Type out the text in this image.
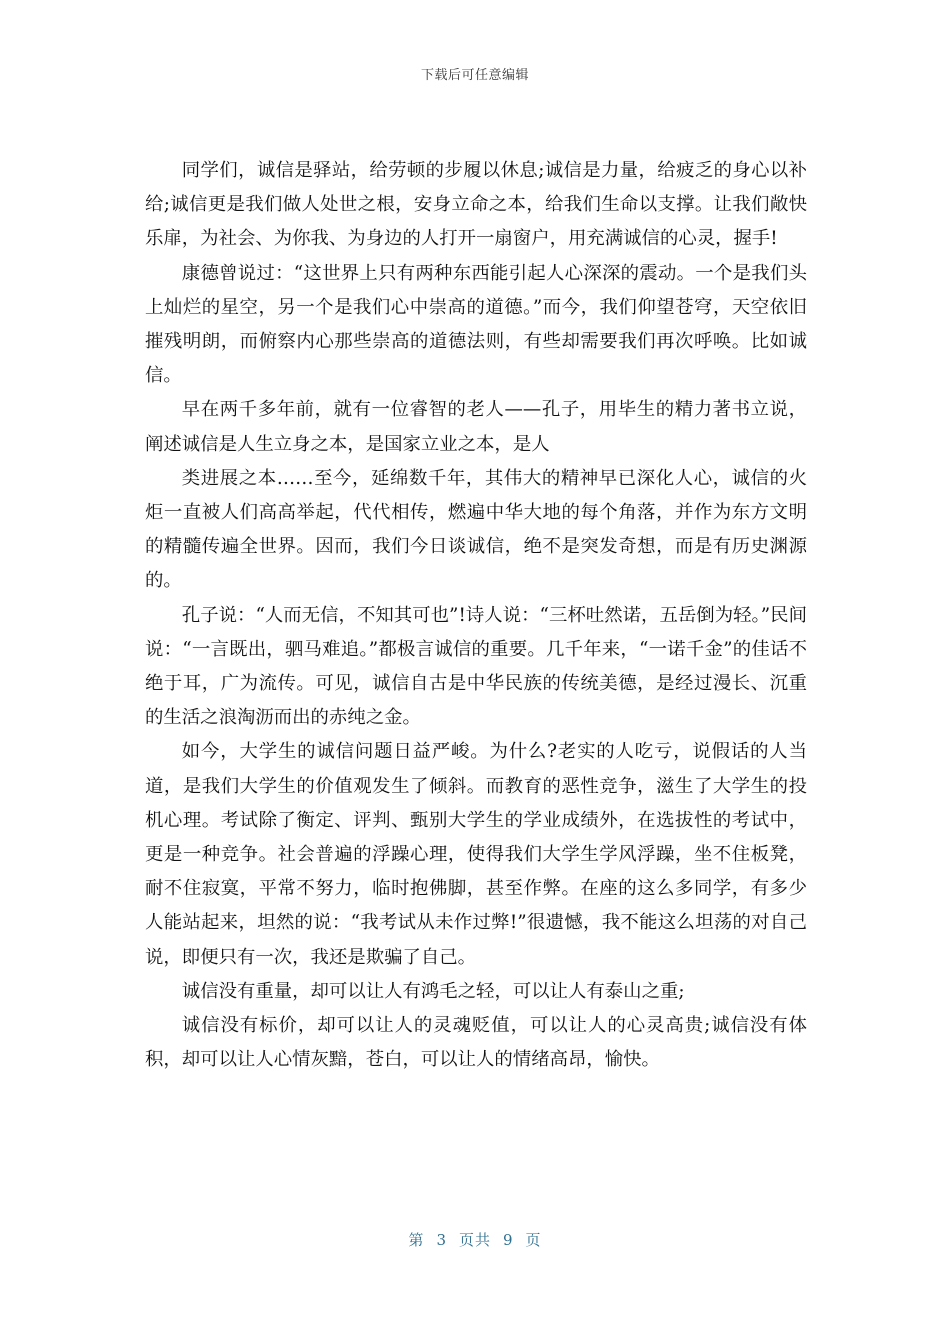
下载后可任意编辑

同学们，诚信是驿站，给劳顿的步履以休息;诚信是力量，给疲乏的身心以补给;诚信更是我们做人处世之根，安身立命之本，给我们生命以支撑。让我们敞快乐扉，为社会、为你我、为身边的人打开一扇窗户，用充满诚信的心灵，握手!

康德曾说过：“这世界上只有两种东西能引起人心深深的震动。一个是我们头上灿烂的星空，另一个是我们心中崇高的道德。”而今，我们仰望苍穹，天空依旧摧残明朗，而俯察内心那些崇高的道德法则，有些却需要我们再次呼唤。比如诚信。

早在两千多年前，就有一位睿智的老人——孔子，用毕生的精力著书立说，阐述诚信是人生立身之本，是国家立业之本，是人

类进展之本……至今，延绵数千年，其伟大的精神早已深化人心，诚信的火炬一直被人们高高举起，代代相传，燃遍中华大地的每个角落，并作为东方文明的精髓传遍全世界。因而，我们今日谈诚信，绝不是突发奇想，而是有历史渊源的。

孔子说：“人而无信，不知其可也”!诗人说：“三杯吐然诺，五岳倒为轻。”民间说：“一言既出，驷马难追。”都极言诚信的重要。几千年来，“一诺千金”的佳话不绝于耳，广为流传。可见，诚信自古是中华民族的传统美德，是经过漫长、沉重的生活之浪淘沥而出的赤纯之金。

如今，大学生的诚信问题日益严峻。为什么?老实的人吃亏，说假话的人当道，是我们大学生的价值观发生了倾斜。而教育的恶性竞争，滋生了大学生的投机心理。考试除了衡定、评判、甄别大学生的学业成绩外，在选拔性的考试中，更是一种竞争。社会普遍的浮躁心理，使得我们大学生学风浮躁，坐不住板凳，耐不住寂寞，平常不努力，临时抱佛脚，甚至作弊。在座的这么多同学，有多少人能站起来，坦然的说：“我考试从未作过弊!”很遗憾，我不能这么坦荡的对自己说，即便只有一次，我还是欺骗了自己。

诚信没有重量，却可以让人有鸿毛之轻，可以让人有泰山之重;

诚信没有标价，却可以让人的灵魂贬值，可以让人的心灵高贵;诚信没有体积，却可以让人心情灰黯，苍白，可以让人的情绪高昂，愉快。

第 3 页共 9 页
